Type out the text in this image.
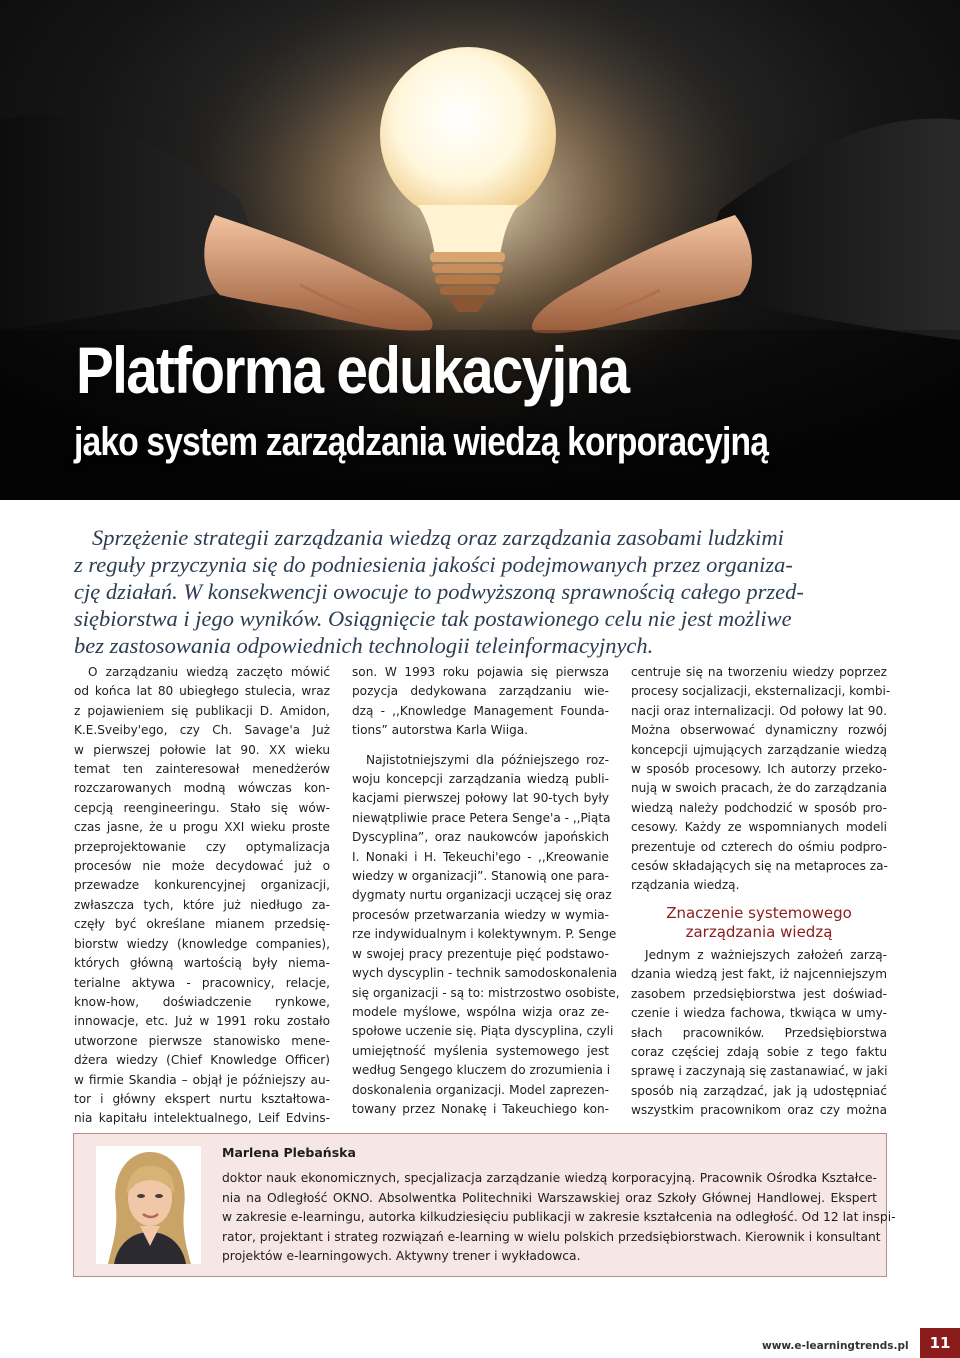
Platforma edukacyjna
jako system zarządzania wiedzą korporacyjną
Sprzężenie strategii zarządzania wiedzą oraz zarządzania zasobami ludzkimi
z reguły przyczynia się do podniesienia jakości podejmowanych przez organiza-
cję działań. W konsekwencji owocuje to podwyższoną sprawnością całego przed-
siębiorstwa i jego wyników. Osiągnięcie tak postawionego celu nie jest możliwe
bez zastosowania odpowiednich technologii teleinformacyjnych.
O zarządzaniu wiedzą zaczęto mówić
od końca lat 80 ubiegłego stulecia, wraz
z pojawieniem się publikacji D. Amidon,
K.E.Sveiby'ego, czy Ch. Savage'a Już
w pierwszej połowie lat 90. XX wieku
temat ten zainteresował menedżerów
rozczarowanych modną wówczas kon-
cepcją reengineeringu. Stało się wów-
czas jasne, że u progu XXI wieku proste
przeprojektowanie czy optymalizacja
procesów nie może decydować już o
przewadze konkurencyjnej organizacji,
zwłaszcza tych, które już niedługo za-
częły być określane mianem przedsię-
biorstw wiedzy (knowledge companies),
których główną wartością były niema-
terialne aktywa - pracownicy, relacje,
know-how, doświadczenie rynkowe,
innowacje, etc. Już w 1991 roku zostało
utworzone pierwsze stanowisko mene-
dżera wiedzy (Chief Knowledge Officer)
w firmie Skandia – objął je późniejszy au-
tor i główny ekspert nurtu kształtowa-
nia kapitału intelektualnego, Leif Edvins-
son. W 1993 roku pojawia się pierwsza
pozycja dedykowana zarządzaniu wie-
dzą - ,,Knowledge Management Founda-
tions” autorstwa Karla Wiiga.
Najistotniejszymi dla późniejszego roz-
woju koncepcji zarządzania wiedzą publi-
kacjami pierwszej połowy lat 90-tych były
niewątpliwie prace Petera Senge'a - ,,Piąta
Dyscyplina”, oraz naukowców japońskich
I. Nonaki i H. Tekeuchi'ego - ,,Kreowanie
wiedzy w organizacji”. Stanowią one para-
dygmaty nurtu organizacji uczącej się oraz
procesów przetwarzania wiedzy w wymia-
rze indywidualnym i kolektywnym. P. Senge
w swojej pracy prezentuje pięć podstawo-
wych dyscyplin - technik samodoskonalenia
się organizacji - są to: mistrzostwo osobiste,
modele myślowe, wspólna wizja oraz ze-
społowe uczenie się. Piąta dyscyplina, czyli
umiejętność myślenia systemowego jest
według Sengego kluczem do zrozumienia i
doskonalenia organizacji. Model zaprezen-
towany przez Nonakę i Takeuchiego kon-
centruje się na tworzeniu wiedzy poprzez
procesy socjalizacji, eksternalizacji, kombi-
nacji oraz internalizacji. Od połowy lat 90.
Można obserwować dynamiczny rozwój
koncepcji ujmujących zarządzanie wiedzą
w sposób procesowy. Ich autorzy przeko-
nują w swoich pracach, że do zarządzania
wiedzą należy podchodzić w sposób pro-
cesowy. Każdy ze wspomnianych modeli
prezentuje od czterech do ośmiu podpro-
cesów składających się na metaproces za-
rządzania wiedzą.
Znaczenie systemowego
zarządzania wiedzą
Jednym z ważniejszych założeń zarzą-
dzania wiedzą jest fakt, iż najcenniejszym
zasobem przedsiębiorstwa jest doświad-
czenie i wiedza fachowa, tkwiąca w umy-
słach pracowników. Przedsiębiorstwa
coraz częściej zdają sobie z tego faktu
sprawę i zaczynają się zastanawiać, w jaki
sposób nią zarządzać, jak ją udostępniać
wszystkim pracownikom oraz czy można
Marlena Plebańska
doktor nauk ekonomicznych, specjalizacja zarządzanie wiedzą korporacyjną. Pracownik Ośrodka Kształce-
nia na Odległość OKNO. Absolwentka Politechniki Warszawskiej oraz Szkoły Głównej Handlowej. Ekspert
w zakresie e-learningu, autorka kilkudziesięciu publikacji w zakresie kształcenia na odległość. Od 12 lat inspi-
rator, projektant i strateg rozwiązań e-learning w wielu polskich przedsiębiorstwach. Kierownik i konsultant
projektów e-learningowych. Aktywny trener i wykładowca.
www.e-learningtrends.pl	11
